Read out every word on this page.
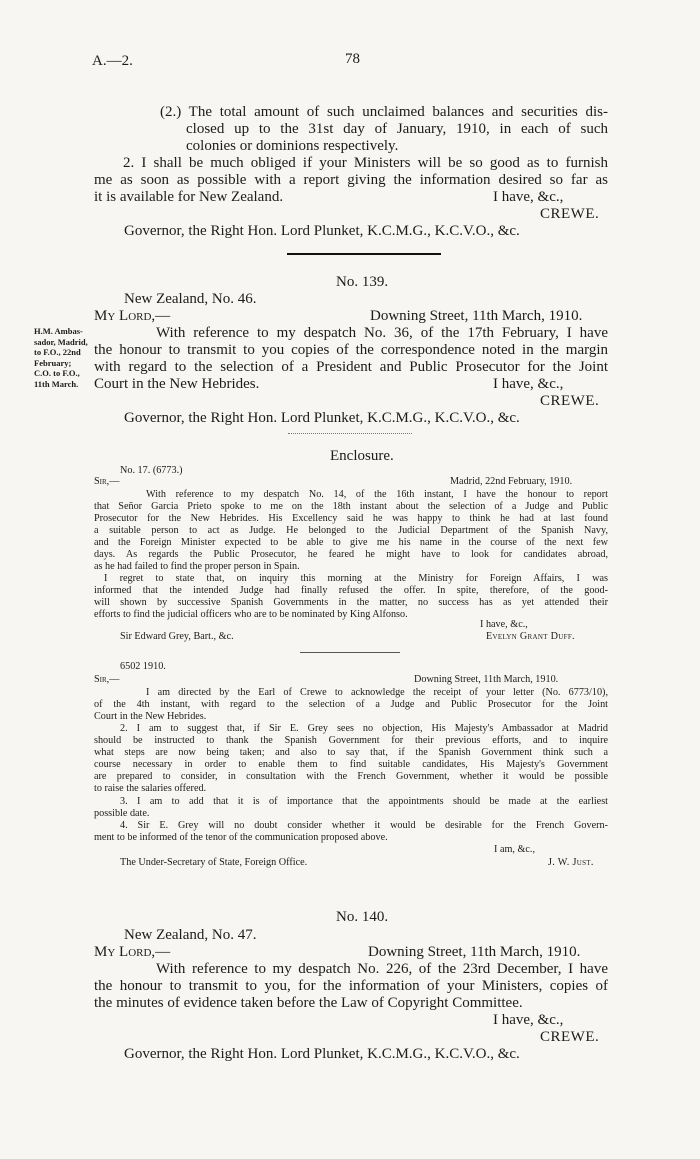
A.—2.	78
(2.) The total amount of such unclaimed balances and securities dis-
closed up to the 31st day of January, 1910, in each of such
colonies or dominions respectively.
2. I shall be much obliged if your Ministers will be so good as to furnish
me as soon as possible with a report giving the information desired so far as
it is available for New Zealand.	I have, &c.,
CREWE.
Governor, the Right Hon. Lord Plunket, K.C.M.G., K.C.V.O., &c.
No. 139.
New Zealand, No. 46.
My Lord,—	Downing Street, 11th March, 1910.
H.M. Ambas-sador, Madrid, to F.O., 22nd February; C.O. to F.O., 11th March.
With reference to my despatch No. 36, of the 17th February, I have
the honour to transmit to you copies of the correspondence noted in the margin
with regard to the selection of a President and Public Prosecutor for the Joint
Court in the New Hebrides.	I have, &c.,
CREWE.
Governor, the Right Hon. Lord Plunket, K.C.M.G., K.C.V.O., &c.
Enclosure.
No. 17. (6773.)
Sir,—	Madrid, 22nd February, 1910.
With reference to my despatch No. 14, of the 16th instant, I have the honour to report
that Señor Garcia Prieto spoke to me on the 18th instant about the selection of a Judge and Public
Prosecutor for the New Hebrides. His Excellency said he was happy to think he had at last found
a suitable person to act as Judge. He belonged to the Judicial Department of the Spanish Navy,
and the Foreign Minister expected to be able to give me his name in the course of the next few
days. As regards the Public Prosecutor, he feared he might have to look for candidates abroad,
as he had failed to find the proper person in Spain.
I regret to state that, on inquiry this morning at the Ministry for Foreign Affairs, I was
informed that the intended Judge had finally refused the offer. In spite, therefore, of the good-
will shown by successive Spanish Governments in the matter, no success has as yet attended their
efforts to find the judicial officers who are to be nominated by King Alfonso.
I have, &c.,
Sir Edward Grey, Bart., &c.	Evelyn Grant Duff.
6502 1910.
Sir,—	Downing Street, 11th March, 1910.
I am directed by the Earl of Crewe to acknowledge the receipt of your letter (No. 6773/10),
of the 4th instant, with regard to the selection of a Judge and Public Prosecutor for the Joint
Court in the New Hebrides.
2. I am to suggest that, if Sir E. Grey sees no objection, His Majesty's Ambassador at Madrid
should be instructed to thank the Spanish Government for their previous efforts, and to inquire
what steps are now being taken; and also to say that, if the Spanish Government think such a
course necessary in order to enable them to find suitable candidates, His Majesty's Government
are prepared to consider, in consultation with the French Government, whether it would be possible
to raise the salaries offered.
3. I am to add that it is of importance that the appointments should be made at the earliest
possible date.
4. Sir E. Grey will no doubt consider whether it would be desirable for the French Govern-
ment to be informed of the tenor of the communication proposed above.
I am, &c.,
The Under-Secretary of State, Foreign Office.	J. W. Just.
No. 140.
New Zealand, No. 47.
My Lord,—	Downing Street, 11th March, 1910.
With reference to my despatch No. 226, of the 23rd December, I have
the honour to transmit to you, for the information of your Ministers, copies of
the minutes of evidence taken before the Law of Copyright Committee.
I have, &c.,
CREWE.
Governor, the Right Hon. Lord Plunket, K.C.M.G., K.C.V.O., &c.
